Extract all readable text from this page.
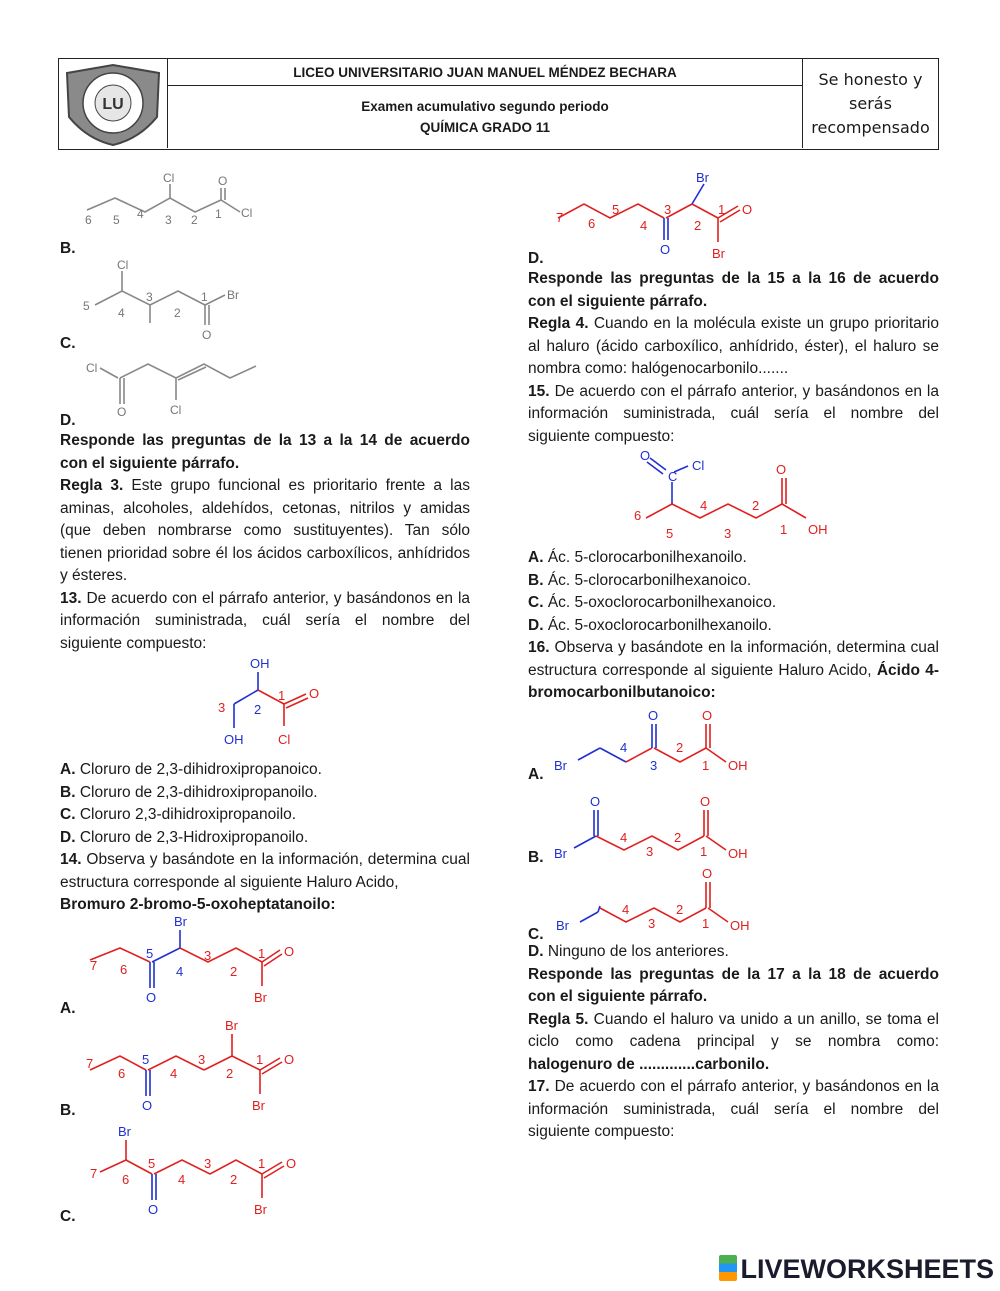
LU
LICEO UNIVERSITARIO JUAN MANUEL MÉNDEZ BECHARA
Examen acumulativo segundo periodo
QUÍMICA GRADO 11
Se honesto y
serás
recompensado
6 5 4 3 2 1
Cl	O
Cl
B.
5 4
3
2
1
Cl
O
Br
C.
Cl
O	Cl
D.

Responde las preguntas de la 13 a la 14 de acuerdo con el siguiente párrafo.

Regla 3. Este grupo funcional es prioritario frente a las aminas, alcoholes, aldehídos, cetonas, nitrilos y amidas (que deben nombrarse como sustituyentes). Tan sólo tienen prioridad sobre él los ácidos carboxílicos, anhídridos y ésteres.

13. De acuerdo con el párrafo anterior, y basándonos en la información suministrada, cuál sería el nombre del siguiente compuesto:

OH
3 2
1 O
OH	Cl

A. Cloruro de 2,3-dihidroxipropanoico.

B. Cloruro de 2,3-dihidroxipropanoilo.

C. Cloruro 2,3-dihidroxipropanoilo.

D. Cloruro de 2,3-Hidroxipropanoilo.

14. Observa y basándote en la información, determina cual estructura corresponde al siguiente Haluro Acido,

Bromuro 2-bromo-5-oxoheptatanoilo:

7 6
5
4
3
2
1
Br
O
O
Br
A.
7
6
5
4
3
2
1
Br
O
O
Br
B.
7 6
5
4
3
2
1
Br
O
O
Br
C.
7 6
5
4
3
2
1
Br
O
O
Br
D.

Responde las preguntas de la 15 a la 16 de acuerdo con el siguiente párrafo.

Regla 4. Cuando en la molécula existe un grupo prioritario al haluro (ácido carboxílico, anhídrido, éster), el haluro se nombra como: halógenocarbonilo.......

15. De acuerdo con el párrafo anterior, y basándonos en la información suministrada, cuál sería el nombre del siguiente compuesto:

O
C
Cl
6
5
4
3
2
1
O
OH

A. Ác. 5-clorocarbonilhexanoilo.

B. Ác. 5-clorocarbonilhexanoico.

C. Ác. 5-oxoclorocarbonilhexanoico.

D. Ác. 5-oxoclorocarbonilhexanoilo.

16. Observa y basándote en la información, determina cual estructura corresponde al siguiente Haluro Acido, Ácido 4-bromocarbonilbutanoico:

Br
4
3
2
1
O	O
OH
A.
Br
O
4
3
2
1
O
OH
B.
Br
4
3
2
1
O
OH
C.

D. Ninguno de los anteriores.

Responde las preguntas de la 17 a la 18 de acuerdo con el siguiente párrafo.

Regla 5. Cuando el haluro va unido a un anillo, se toma el ciclo como cadena principal y se nombra como: halogenuro de .............carbonilo.

17. De acuerdo con el párrafo anterior, y basándonos en la información suministrada, cuál sería el nombre del siguiente compuesto:

LIVEWORKSHEETS
